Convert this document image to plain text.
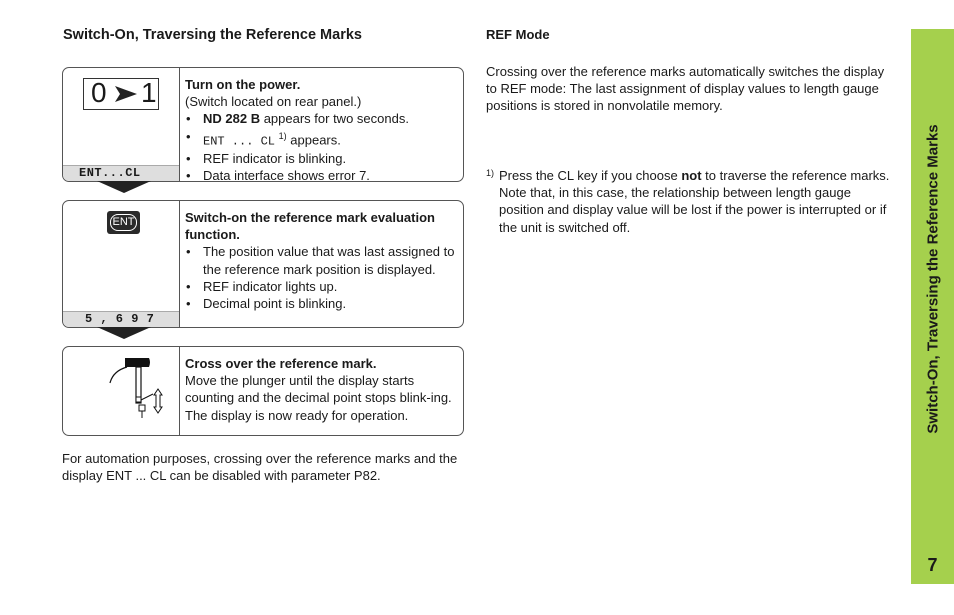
Switch-On, Traversing the Reference Marks	REF Mode
0 1
ENT...CL
Turn on the power.
(Switch located on rear panel.)
• ND 282 B appears for two seconds.
• ENT ... CL $^{1)}$ appears.
• REF indicator is blinking.
• Data interface shows error 7.
ENT
5 , 6 9 7
Switch-on the reference mark evaluation function.
• The position value that was last assigned to the reference mark position is displayed.
• REF indicator lights up.
• Decimal point is blinking.
Cross over the reference mark.
Move the plunger until the display starts counting and the decimal point stops blink-ing. The display is now ready for operation.
For automation purposes, crossing over the reference marks and the display ENT ... CL can be disabled with parameter P82.
Crossing over the reference marks automatically switches the display to REF mode: The last assignment of display values to length gauge positions is stored in nonvolatile memory.
1) Press the CL key if you choose not to traverse the reference marks. Note that, in this case, the relationship between length gauge position and display value will be lost if the power is interrupted or if the unit is switched off.	Switch-On, Traversing the Reference Marks
7
